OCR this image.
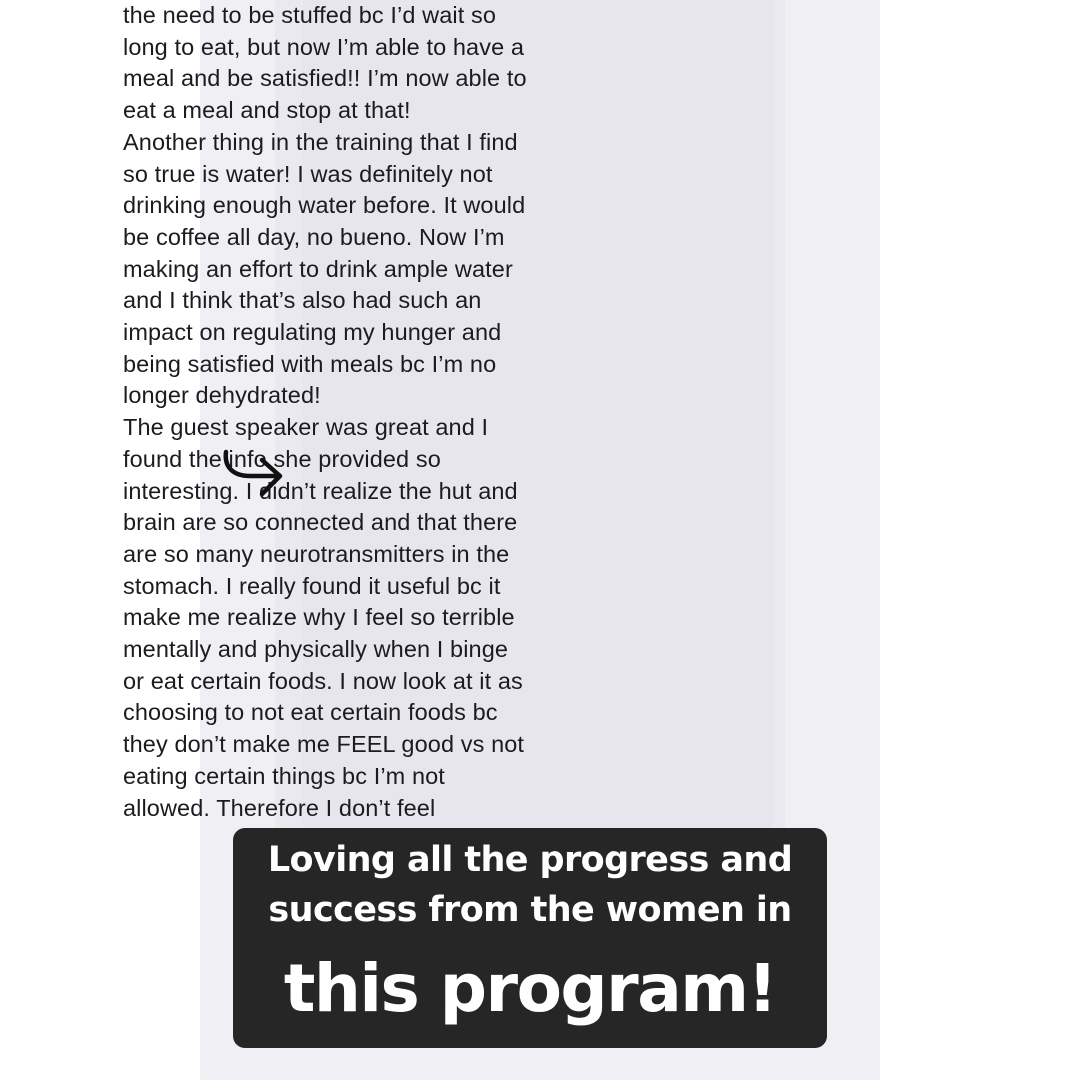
the need to be stuffed bc I’d wait so
long to eat, but now I’m able to have a
meal and be satisfied!! I’m now able to
eat a meal and stop at that!
Another thing in the training that I find
so true is water! I was definitely not
drinking enough water before. It would
be coffee all day, no bueno. Now I’m
making an effort to drink ample water
and I think that’s also had such an
impact on regulating my hunger and
being satisfied with meals bc I’m no
longer dehydrated!
The guest speaker was great and I
found the info she provided so
interesting. I didn’t realize the hut and
brain are so connected and that there
are so many neurotransmitters in the
stomach. I really found it useful bc it
make me realize why I feel so terrible
mentally and physically when I binge
or eat certain foods. I now look at it as
choosing to not eat certain foods bc
they don’t make me FEEL good vs not
eating certain things bc I’m not
allowed. Therefore I don’t feel

Loving all the progress and
success from the women in
this program!
